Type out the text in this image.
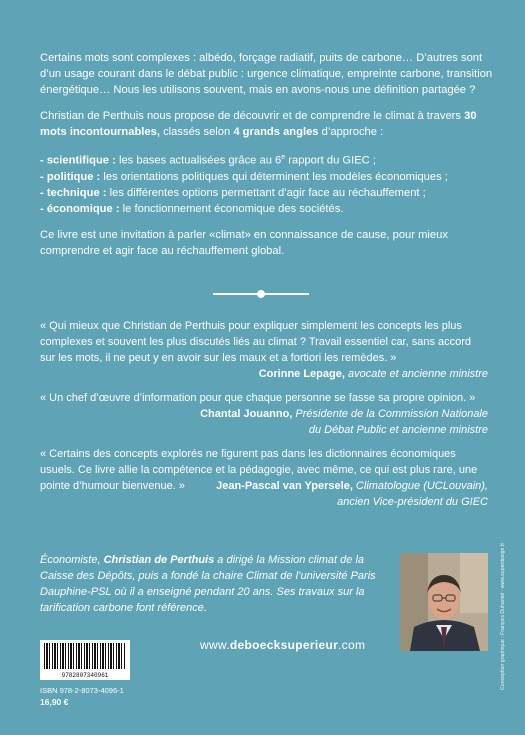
Certains mots sont complexes : albédo, forçage radiatif, puits de carbone… D’autres sont d’un usage courant dans le débat public : urgence climatique, empreinte carbone, transition énergétique… Nous les utilisons souvent, mais en avons-nous une définition partagée ?

Christian de Perthuis nous propose de découvrir et de comprendre le climat à travers 30 mots incontournables, classés selon 4 grands angles d’approche :

- scientifique : les bases actualisées grâce au 6e rapport du GIEC ;
- politique : les orientations politiques qui déterminent les modèles économiques ;
- technique : les différentes options permettant d’agir face au réchauffement ;
- économique : le fonctionnement économique des sociétés.

Ce livre est une invitation à parler «climat» en connaissance de cause, pour mieux comprendre et agir face au réchauffement global.

« Qui mieux que Christian de Perthuis pour expliquer simplement les concepts les plus complexes et souvent les plus discutés liés au climat ? Travail essentiel car, sans accord sur les mots, il ne peut y en avoir sur les maux et a fortiori les remèdes. »

Corinne Lepage, avocate et ancienne ministre

« Un chef d’œuvre d’information pour que chaque personne se fasse sa propre opinion. »

Chantal Jouanno, Présidente de la Commission Nationale

du Débat Public et ancienne ministre

« Certains des concepts explorés ne figurent pas dans les dictionnaires économiques usuels. Ce livre allie la compétence et la pédagogie, avec même, ce qui est plus rare, une pointe d’humour bienvenue. »	Jean-Pascal van Ypersele, Climatologue (UCLouvain),

ancien Vice-président du GIEC

Économiste, Christian de Perthuis a dirigé la Mission climat de la Caisse des Dépôts, puis a fondé la chaire Climat de l’université Paris Dauphine-PSL où il a enseigné pendant 20 ans. Ses travaux sur la tarification carbone font référence.

9782807340961

ISBN 978-2-8073-4096-1

16,90 €

www.deboecksuperieur.com	Conception graphique : François Duhamel · www.superdesign.fr
